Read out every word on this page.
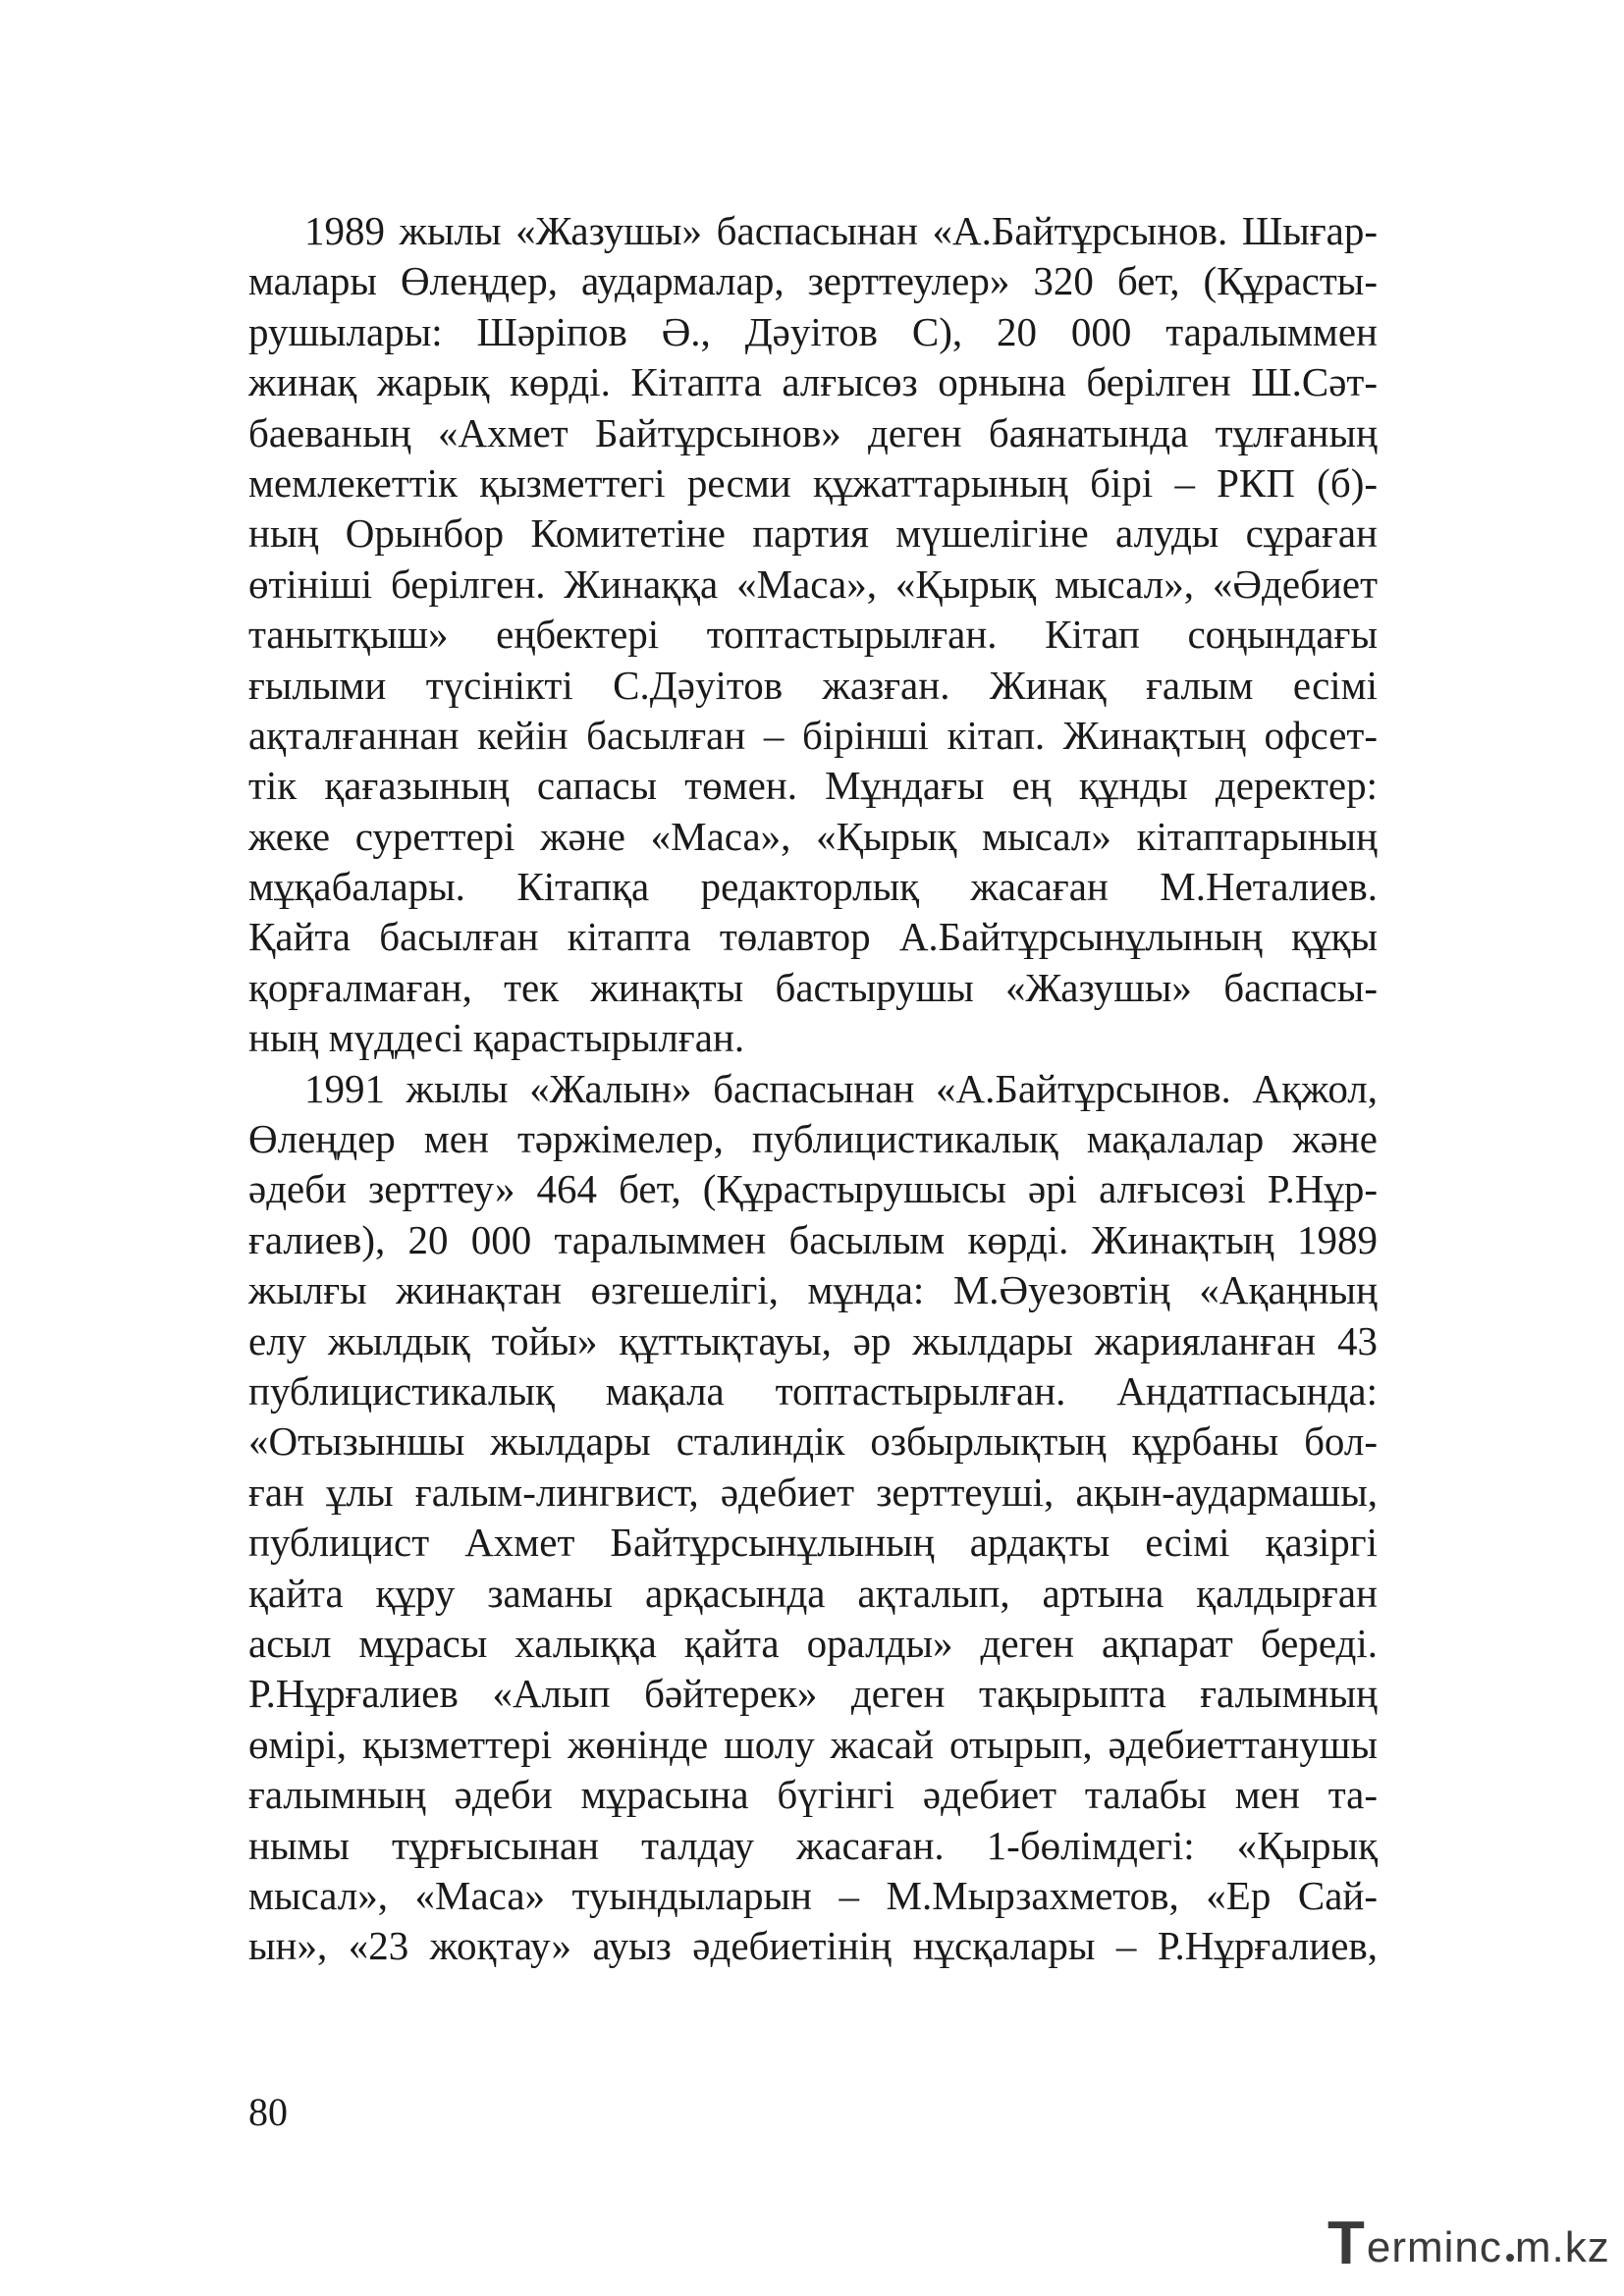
1989 жылы «Жазушы» баспасынан «А.Байтұрсынов. Шығар-
малары Өлеңдер, аудармалар, зерттеулер» 320 бет, (Құрасты-
рушылары: Шәріпов Ә., Дәуітов С), 20 000 таралыммен
жинақ жарық көрді. Кітапта алғысөз орнына берілген Ш.Сәт-
баеваның «Ахмет Байтұрсынов» деген баянатында тұлғаның
мемлекеттік қызметтегі ресми құжаттарының бірі – РКП (б)-
ның Орынбор Комитетіне партия мүшелігіне алуды сұраған
өтініші берілген. Жинаққа «Маса», «Қырық мысал», «Әдебиет
танытқыш» еңбектері топтастырылған. Кітап соңындағы
ғылыми түсінікті С.Дәуітов жазған. Жинақ ғалым есімі
ақталғаннан кейін басылған – бірінші кітап. Жинақтың офсет-
тік қағазының сапасы төмен. Мұндағы ең құнды деректер:
жеке суреттері және «Маса», «Қырық мысал» кітаптарының
мұқабалары. Кітапқа редакторлық жасаған М.Неталиев.
Қайта басылған кітапта төлавтор А.Байтұрсынұлының құқы
қорғалмаған, тек жинақты бастырушы «Жазушы» баспасы-
ның мүддесі қарастырылған.
1991 жылы «Жалын» баспасынан «А.Байтұрсынов. Ақжол,
Өлеңдер мен тәржімелер, публицистикалық мақалалар және
әдеби зерттеу» 464 бет, (Құрастырушысы әрі алғысөзі Р.Нұр-
ғалиев), 20 000 таралыммен басылым көрді. Жинақтың 1989
жылғы жинақтан өзгешелігі, мұнда: М.Әуезовтің «Ақаңның
елу жылдық тойы» құттықтауы, әр жылдары жарияланған 43
публицистикалық мақала топтастырылған. Андатпасында:
«Отызыншы жылдары сталиндік озбырлықтың құрбаны бол-
ған ұлы ғалым-лингвист, әдебиет зерттеуші, ақын-аудармашы,
публицист Ахмет Байтұрсынұлының ардақты есімі қазіргі
қайта құру заманы арқасында ақталып, артына қалдырған
асыл мұрасы халыққа қайта оралды» деген ақпарат береді.
Р.Нұрғалиев «Алып бәйтерек» деген тақырыпта ғалымның
өмірі, қызметтері жөнінде шолу жасай отырып, әдебиеттанушы
ғалымның әдеби мұрасына бүгінгі әдебиет талабы мен та-
нымы тұрғысынан талдау жасаған. 1-бөлімдегі: «Қырық
мысал», «Маса» туындыларын – М.Мырзахметов, «Ер Сай-
ын», «23 жоқтау» ауыз әдебиетінің нұсқалары – Р.Нұрғалиев,
80
T erminc m.kz
